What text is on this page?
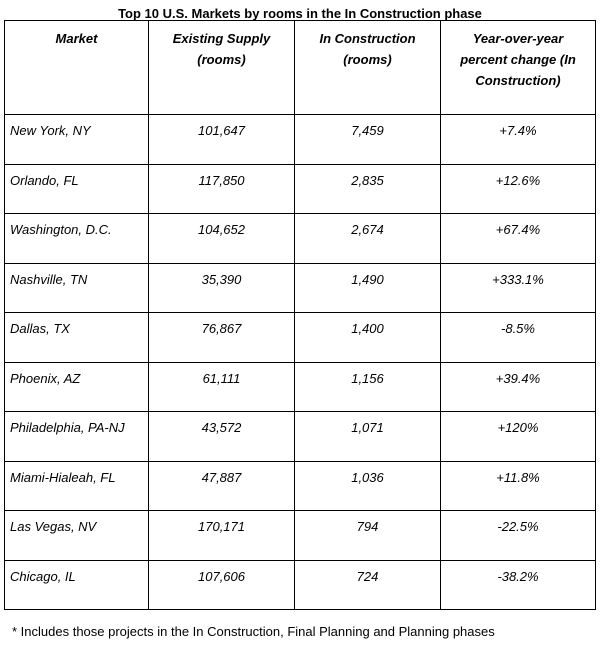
Top 10 U.S. Markets by rooms in the In Construction phase
Market	Existing Supply (rooms)	In Construction (rooms)	Year-over-year percent change (In Construction)
New York, NY	101,647	7,459	+7.4%
Orlando, FL	117,850	2,835	+12.6%
Washington, D.C.	104,652	2,674	+67.4%
Nashville, TN	35,390	1,490	+333.1%
Dallas, TX	76,867	1,400	-8.5%
Phoenix, AZ	61,111	1,156	+39.4%
Philadelphia, PA-NJ	43,572	1,071	+120%
Miami-Hialeah, FL	47,887	1,036	+11.8%
Las Vegas, NV	170,171	794	-22.5%
Chicago, IL	107,606	724	-38.2%
* Includes those projects in the In Construction, Final Planning and Planning phases
